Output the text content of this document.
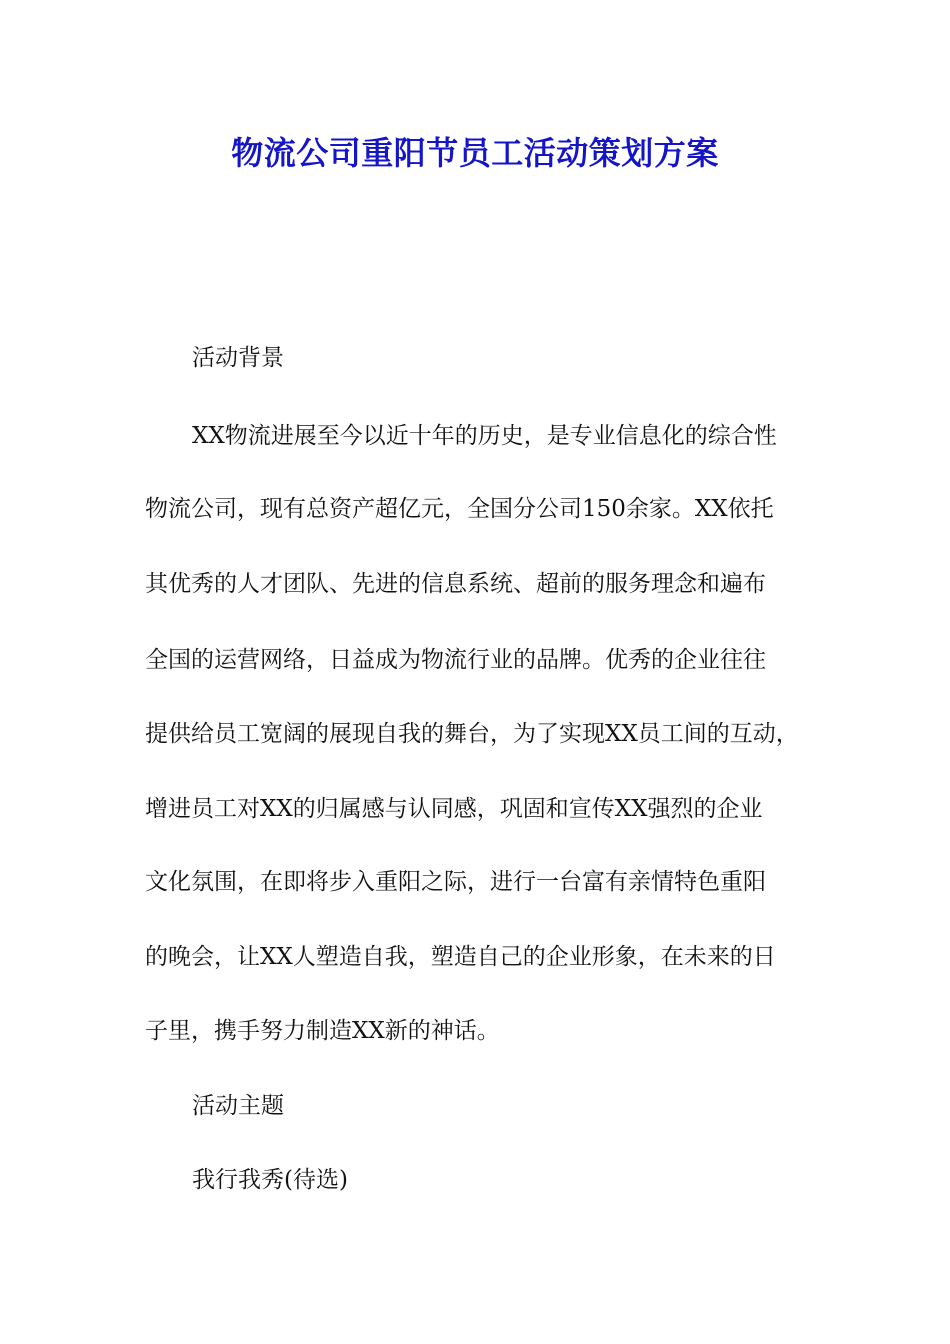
物流公司重阳节员工活动策划方案
活动背景
XX物流进展至今以近十年的历史，是专业信息化的综合性
物流公司，现有总资产超亿元，全国分公司150余家。XX依托
其优秀的人才团队、先进的信息系统、超前的服务理念和遍布
全国的运营网络，日益成为物流行业的品牌。优秀的企业往往
提供给员工宽阔的展现自我的舞台，为了实现XX员工间的互动，
增进员工对XX的归属感与认同感，巩固和宣传XX强烈的企业
文化氛围，在即将步入重阳之际，进行一台富有亲情特色重阳
的晚会，让XX人塑造自我，塑造自己的企业形象，在未来的日
子里，携手努力制造XX新的神话。
活动主题
我行我秀(待选)
